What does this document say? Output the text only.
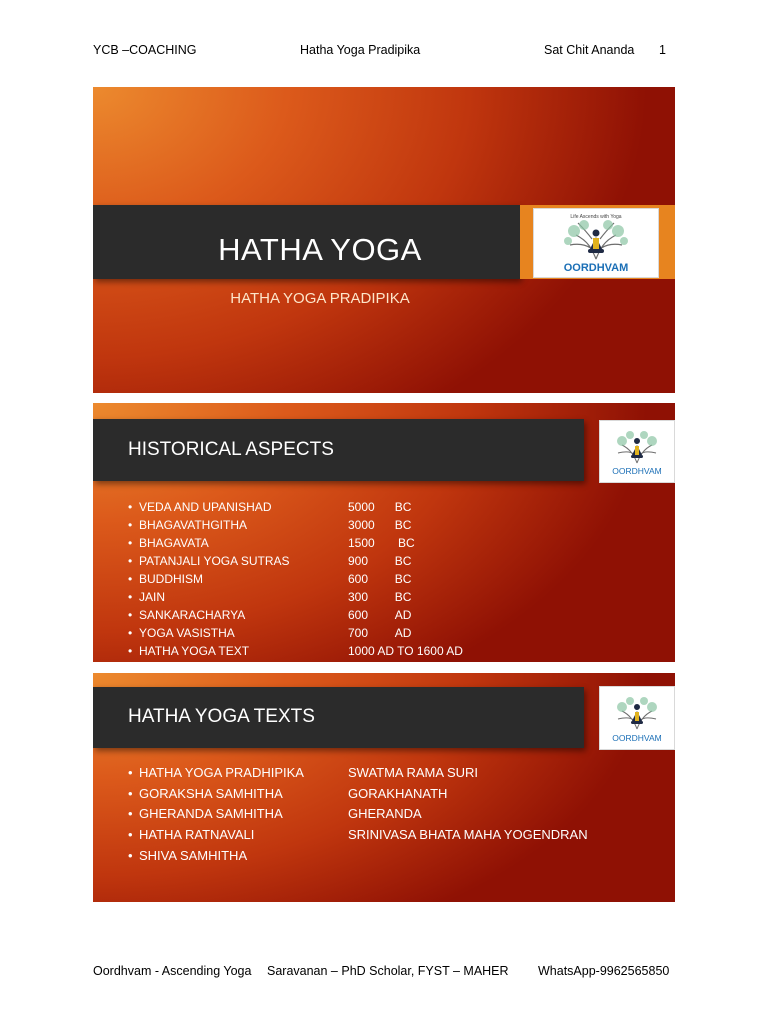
YCB –COACHING	Hatha Yoga Pradipika	Sat Chit Ananda 1
HATHA YOGA
HATHA YOGA PRADIPIKA
Life Ascends with Yoga
OORDHVAM
HISTORICAL ASPECTS
OORDHVAM
• VEDA AND UPANISHAD	5000      BC
• BHAGAVATHGITHA	3000      BC
• BHAGAVATA	1500       BC
• PATANJALI YOGA SUTRAS	900        BC
• BUDDHISM	600        BC
• JAIN	300        BC
• SANKARACHARYA	600        AD
• YOGA VASISTHA	700        AD
• HATHA YOGA TEXT	1000 AD TO 1600 AD
HATHA YOGA TEXTS
OORDHVAM
• HATHA YOGA PRADHIPIKA	SWATMA RAMA SURI
• GORAKSHA SAMHITHA	GORAKHANATH
• GHERANDA SAMHITHA	GHERANDA
• HATHA RATNAVALI	SRINIVASA BHATA MAHA YOGENDRAN
• SHIVA SAMHITHA
Oordhvam - Ascending Yoga Saravanan – PhD Scholar, FYST – MAHER WhatsApp-9962565850
